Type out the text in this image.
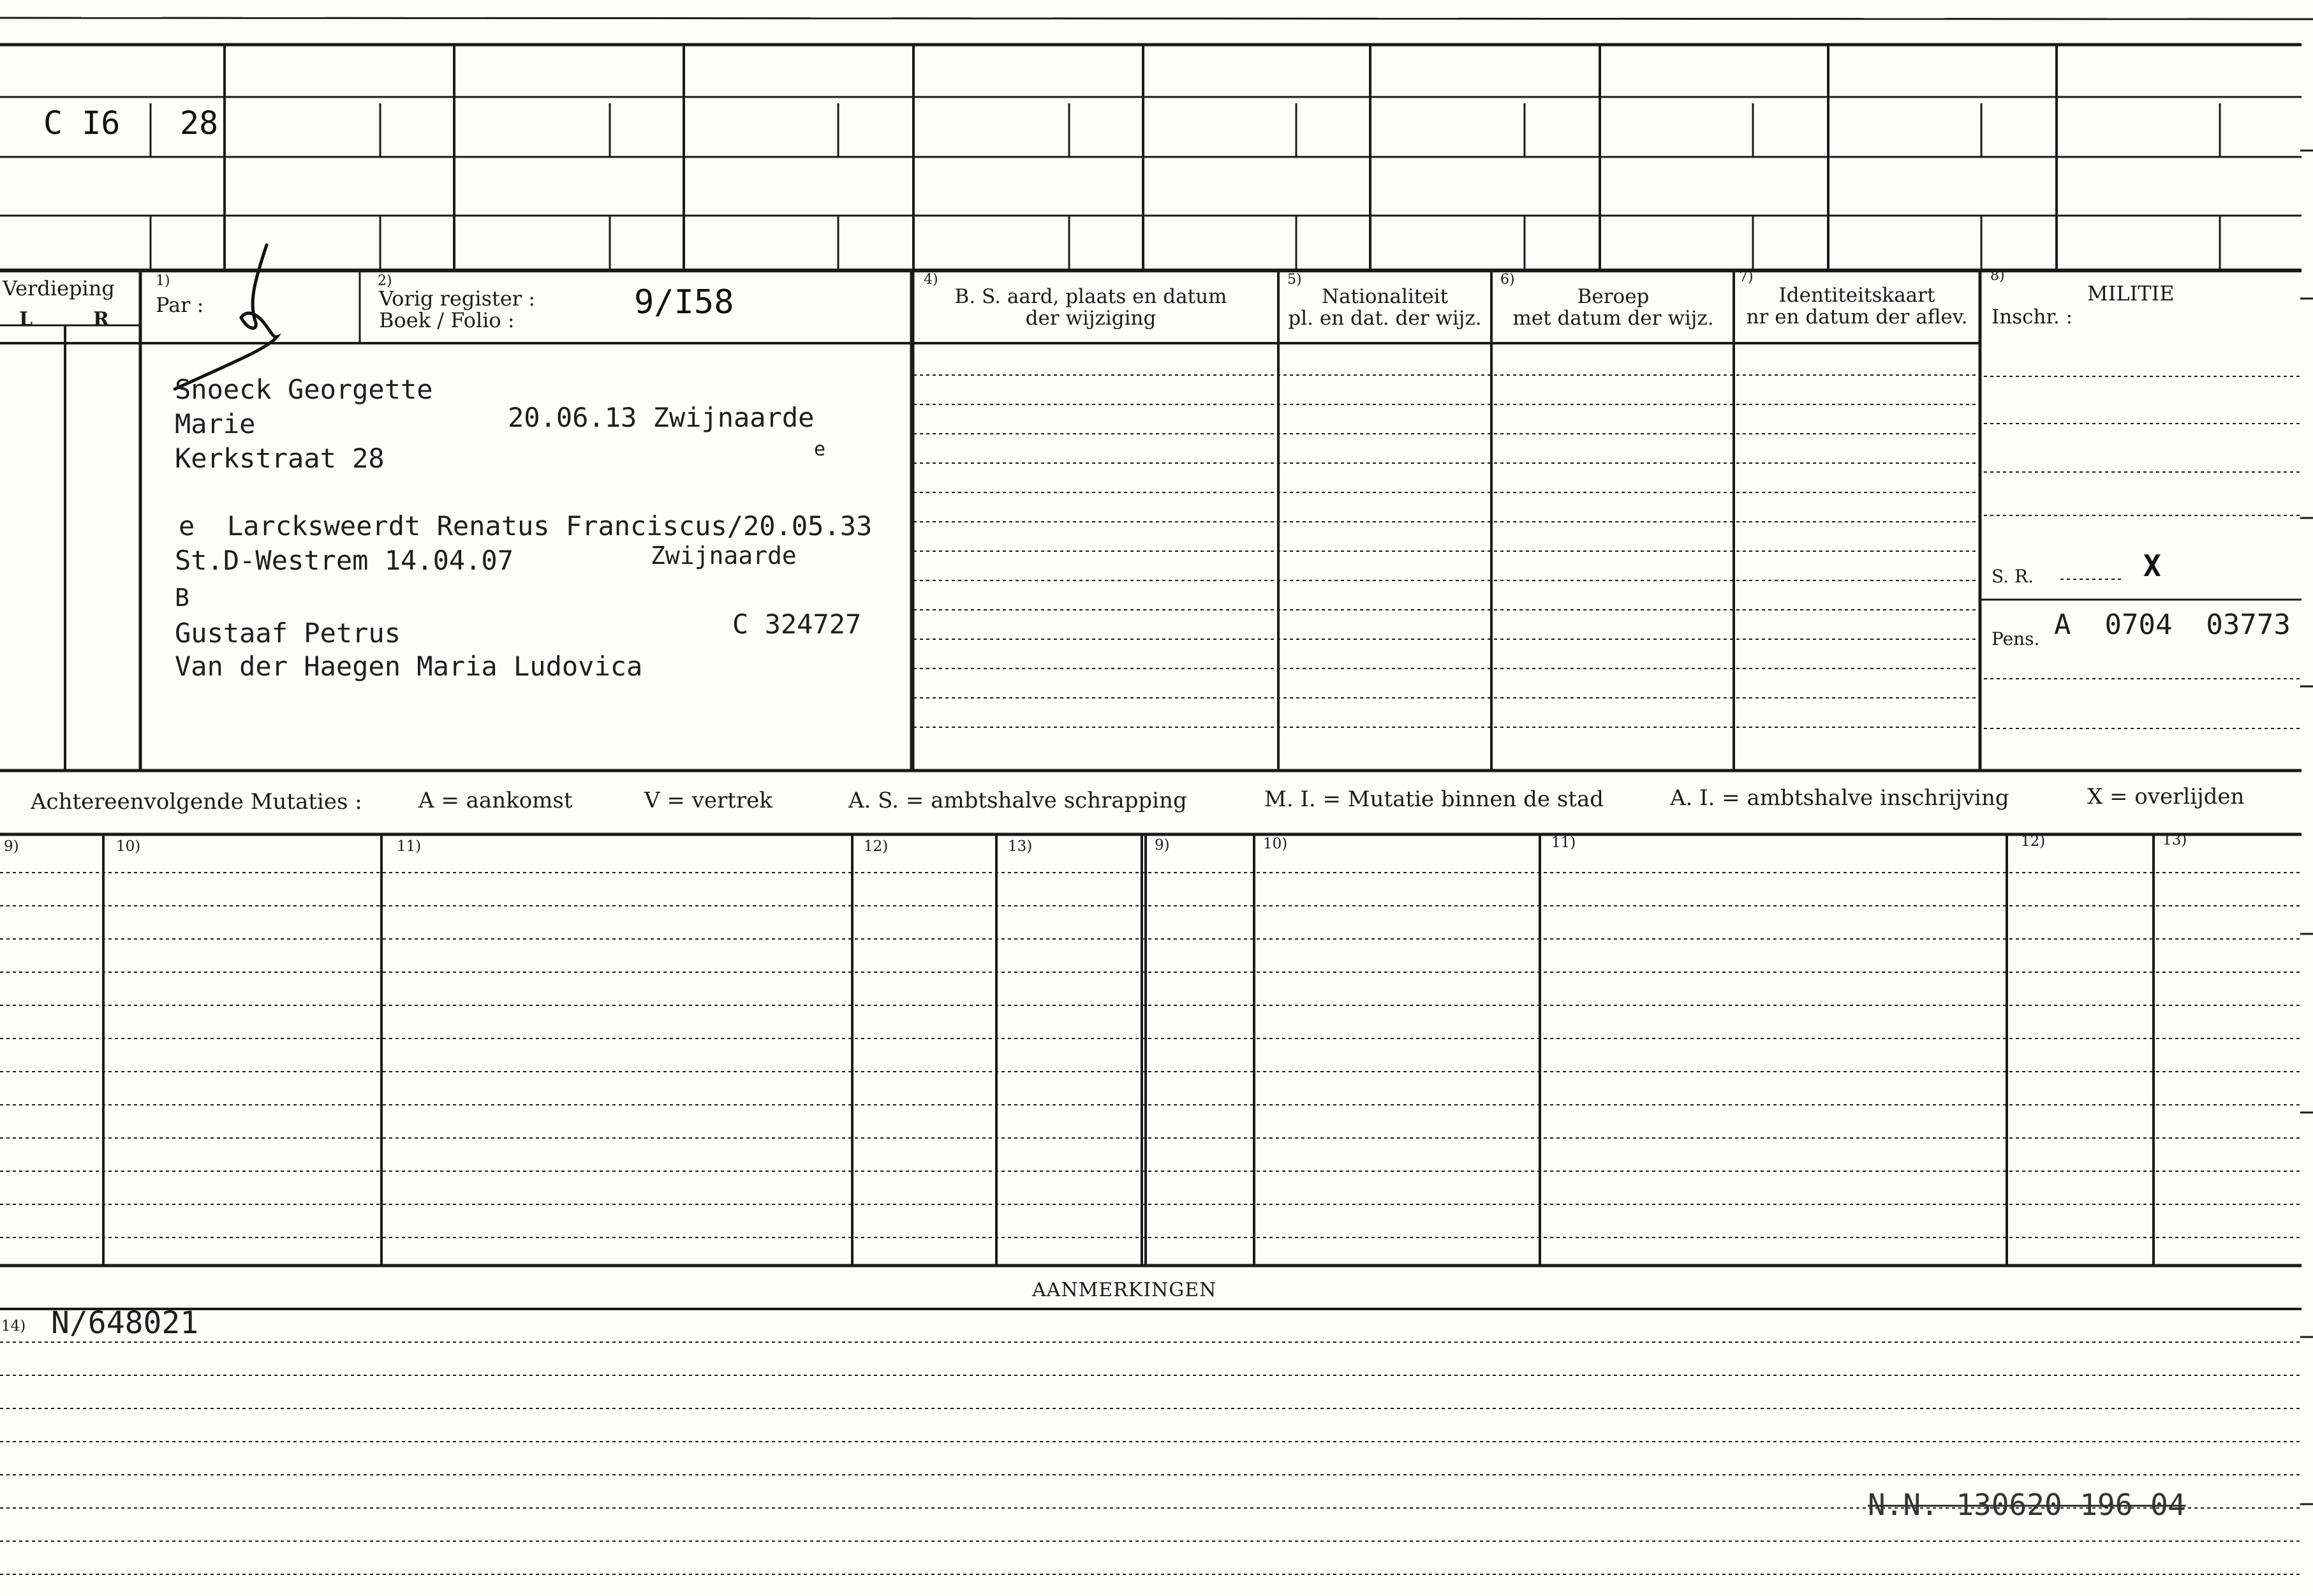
C I6 28
Verdieping
L	R
1)
Par :
2)
Vorig register :
Boek / Folio :	9/I58
4)
B. S. aard, plaats en datum
der wijziging
5)
Nationaliteit
pl. en dat. der wijz.
6)
Beroep
met datum der wijz.
7)
Identiteitskaart
nr en datum der aflev.
8)
MILITIE
Inschr. :
Snoeck Georgette
Marie	20.06.13 Zwijnaarde
Kerkstraat 28	e
e  Larcksweerdt Renatus Franciscus/20.05.33
St.D-Westrem 14.04.07	Zwijnaarde
B
Gustaaf Petrus	C 324727
Van der Haegen Maria Ludovica
S. R.	X
Pens. A  0704  03773
Achtereenvolgende Mutaties :	A = aankomst	V = vertrek	A. S. = ambtshalve schrapping	M. I. = Mutatie binnen de stad	A. I. = ambtshalve inschrijving	X = overlijden
9)	10)	11)	12)	13)	9)	10)	11)	12)	13)
AANMERKINGEN
14) N/648021
N.N. 130620 196 04
